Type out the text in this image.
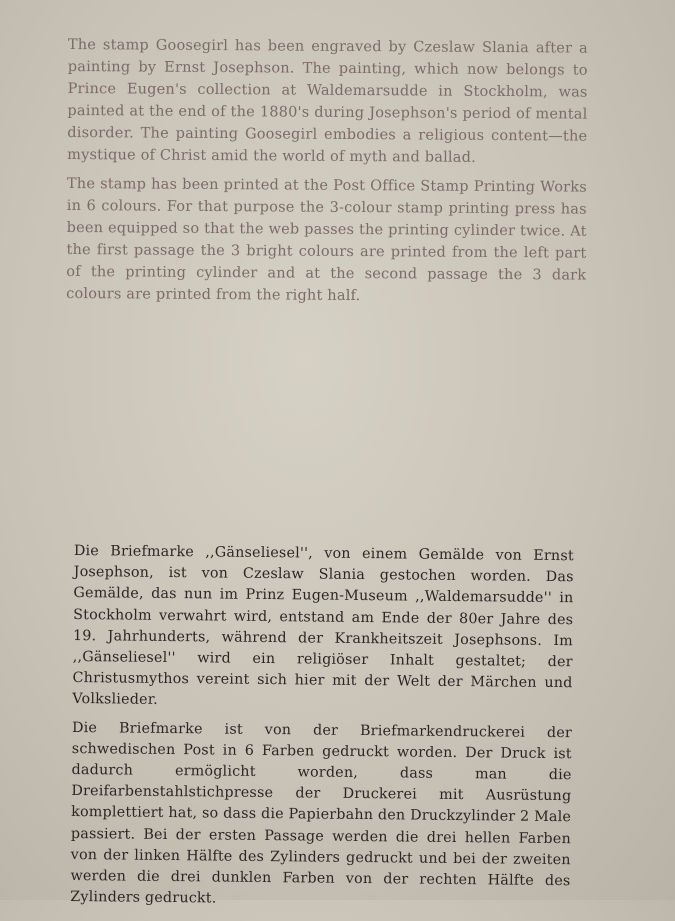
The stamp Goosegirl has been engraved by Czeslaw Slania after a painting by Ernst Josephson. The painting, which now belongs to Prince Eugen's collection at Waldemarsudde in Stockholm, was painted at the end of the 1880's during Josephson's period of mental disorder. The painting Goosegirl embodies a religious content—the mystique of Christ amid the world of myth and ballad.

The stamp has been printed at the Post Office Stamp Printing Works in 6 colours. For that purpose the 3-colour stamp printing press has been equipped so that the web passes the printing cylinder twice. At the first passage the 3 bright colours are printed from the left part of the printing cylinder and at the second passage the 3 dark colours are printed from the right half.

Die Briefmarke ,,Gänseliesel'', von einem Gemälde von Ernst Josephson, ist von Czeslaw Slania gestochen worden. Das Gemälde, das nun im Prinz Eugen-Museum ,,Waldemarsudde'' in Stockholm verwahrt wird, entstand am Ende der 80er Jahre des 19. Jahrhunderts, während der Krankheitszeit Josephsons. Im ,,Gänseliesel'' wird ein religiöser Inhalt gestaltet; der Christusmythos vereint sich hier mit der Welt der Märchen und Volkslieder.

Die Briefmarke ist von der Briefmarkendruckerei der schwedischen Post in 6 Farben gedruckt worden. Der Druck ist dadurch ermöglicht worden, dass man die Dreifarbenstahlstichpresse der Druckerei mit Ausrüstung komplettiert hat, so dass die Papierbahn den Druckzylinder 2 Male passiert. Bei der ersten Passage werden die drei hellen Farben von der linken Hälfte des Zylinders gedruckt und bei der zweiten werden die drei dunklen Farben von der rechten Hälfte des Zylinders gedruckt.
